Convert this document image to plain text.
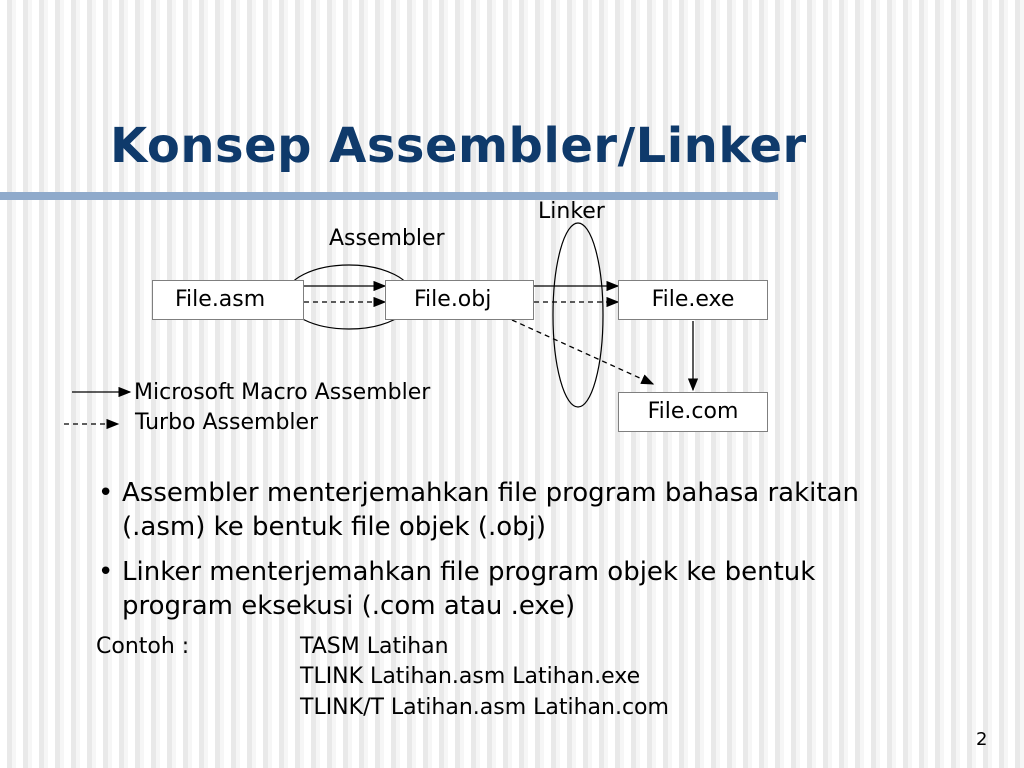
Konsep Assembler/Linker
Assembler
Linker
File.asm	File.obj	File.exe
File.com
Microsoft Macro Assembler
Turbo Assembler
• Assembler menterjemahkan file program bahasa rakitan
(.asm) ke bentuk file objek (.obj)
• Linker menterjemahkan file program objek ke bentuk
program eksekusi (.com atau .exe)
Contoh :	TASM Latihan
TLINK Latihan.asm Latihan.exe
TLINK/T Latihan.asm Latihan.com
2
